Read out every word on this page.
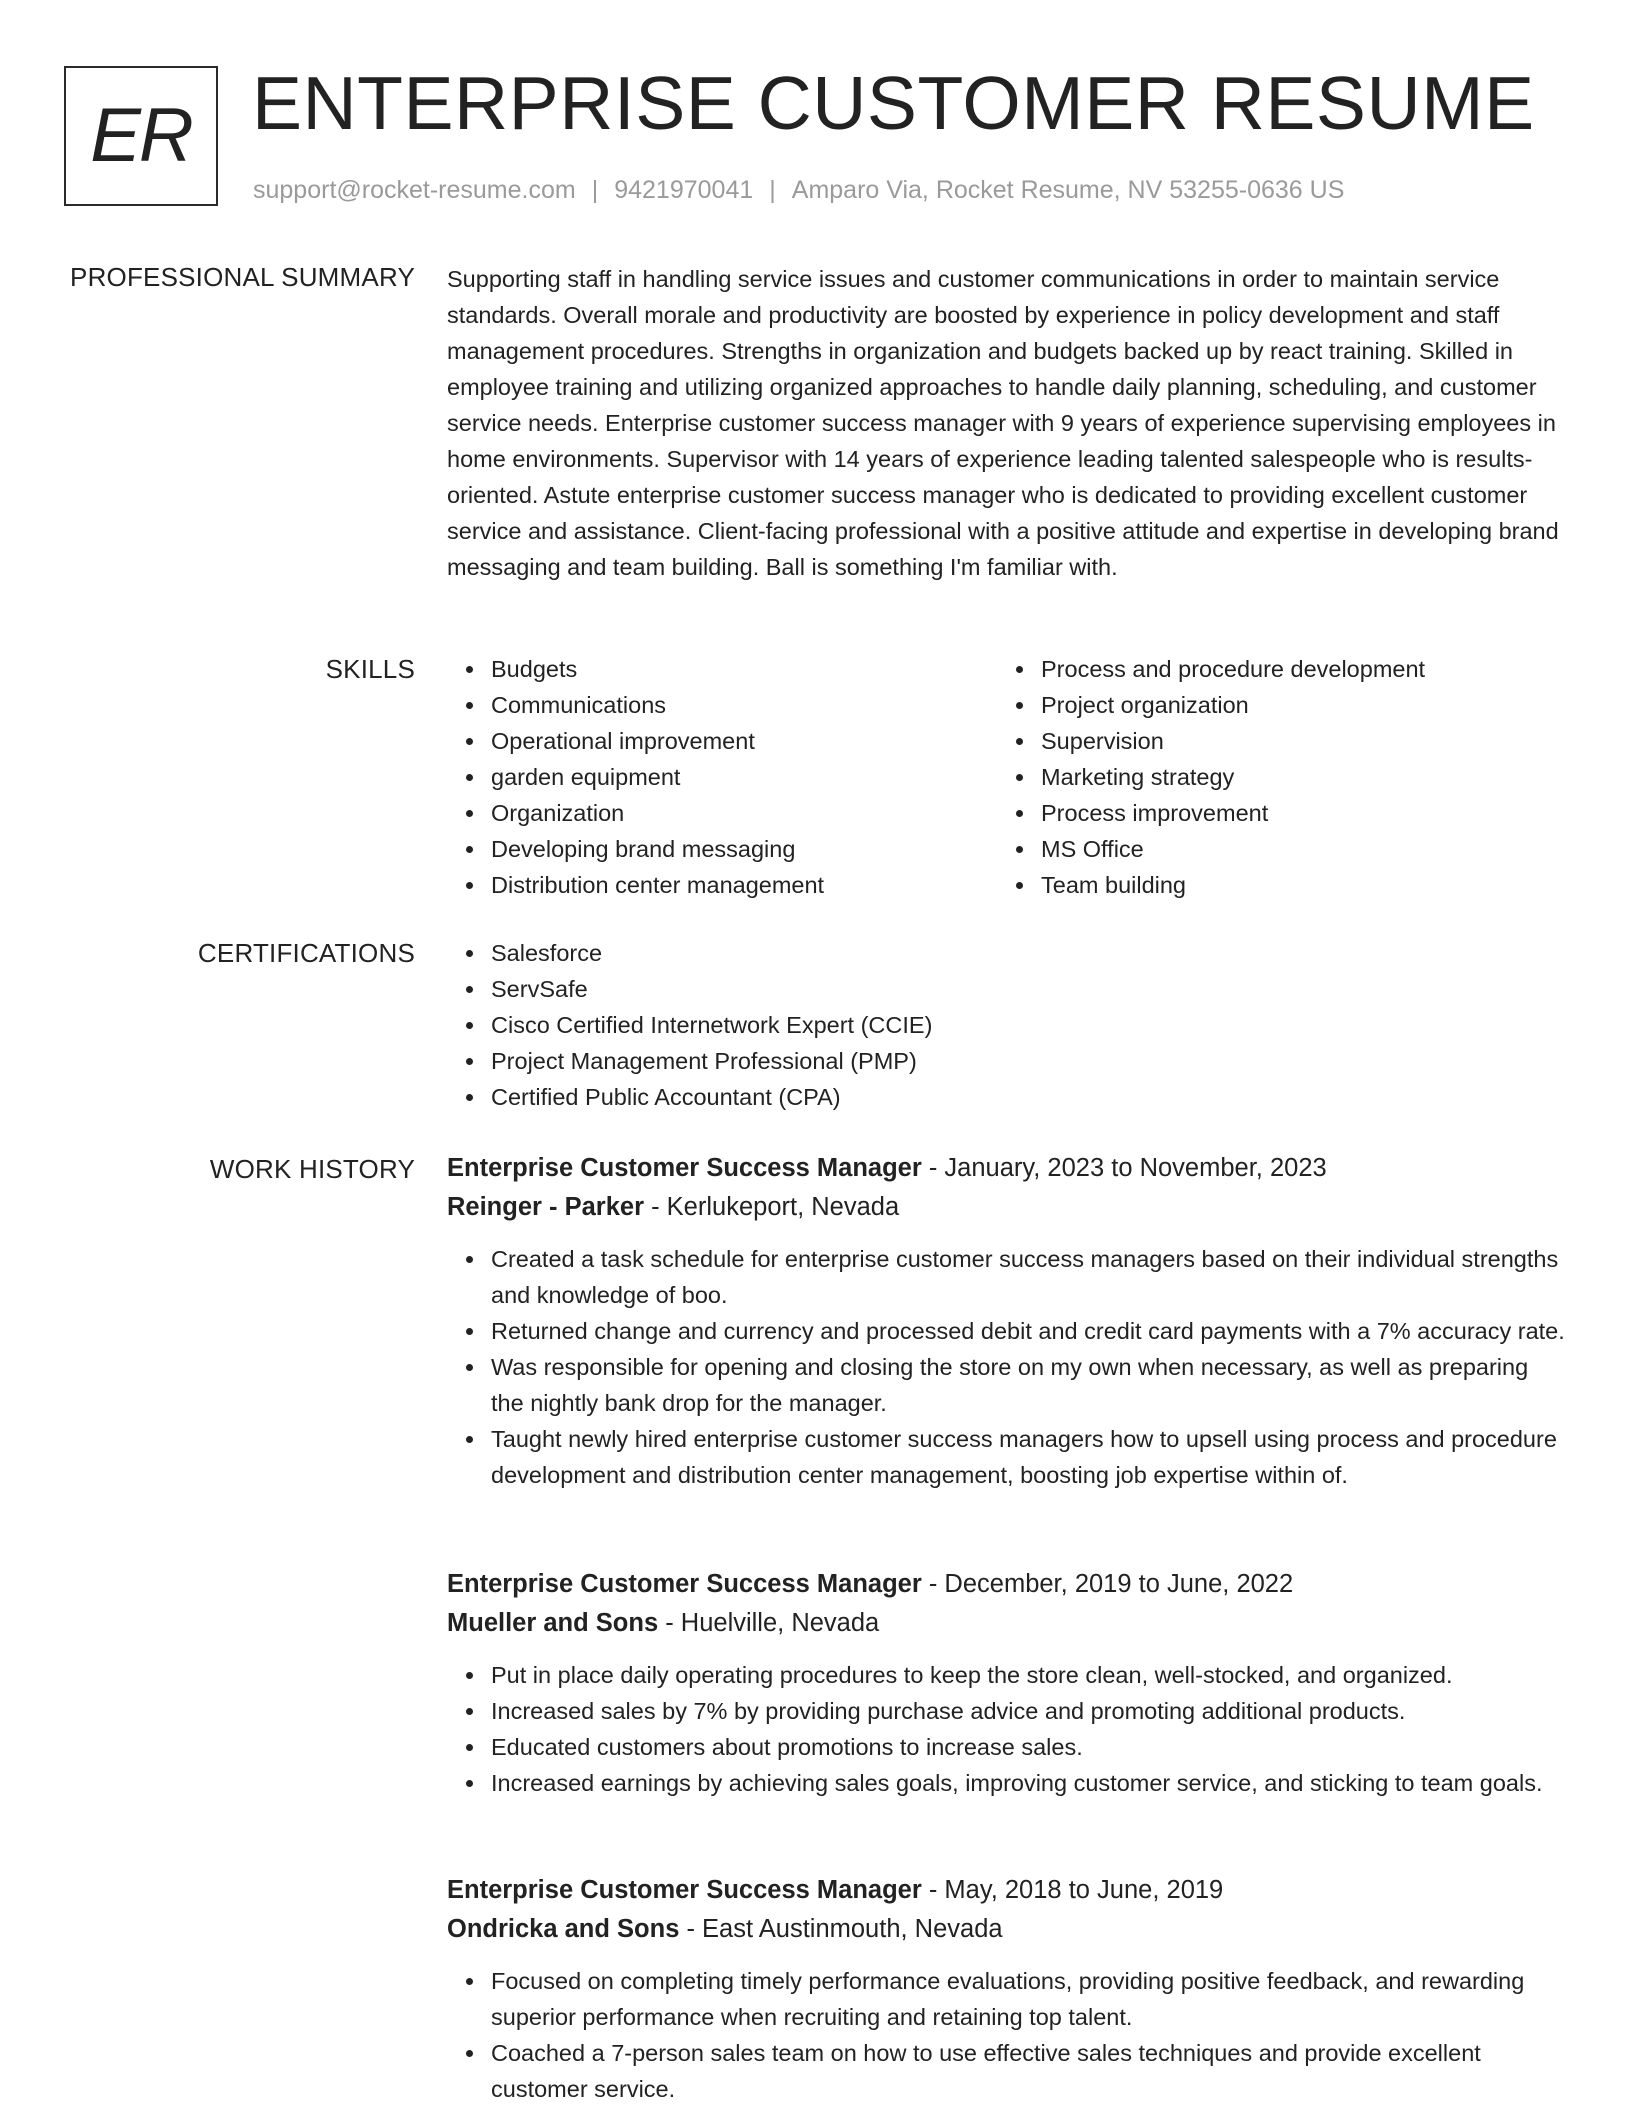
ER ENTERPRISE CUSTOMER RESUME
support@rocket-resume.com | 9421970041 | Amparo Via, Rocket Resume, NV 53255-0636 US
PROFESSIONAL SUMMARY Supporting staff in handling service issues and customer communications in order to maintain service standards. Overall morale and productivity are boosted by experience in policy development and staff management procedures. Strengths in organization and budgets backed up by react training. Skilled in employee training and utilizing organized approaches to handle daily planning, scheduling, and customer service needs. Enterprise customer success manager with 9 years of experience supervising employees in home environments. Supervisor with 14 years of experience leading talented salespeople who is results-oriented. Astute enterprise customer success manager who is dedicated to providing excellent customer service and assistance. Client-facing professional with a positive attitude and expertise in developing brand messaging and team building. Ball is something I'm familiar with.

SKILLS	Budgets
Communications
Operational improvement
garden equipment
Organization
Developing brand messaging
Distribution center management
Process and procedure development
Project organization
Supervision
Marketing strategy
Process improvement
MS Office
Team building
CERTIFICATIONS	Salesforce
ServSafe
Cisco Certified Internetwork Expert (CCIE)
Project Management Professional (PMP)
Certified Public Accountant (CPA)
WORK HISTORY Enterprise Customer Success Manager - January, 2023 to November, 2023
Reinger - Parker - Kerlukeport, Nevada
Created a task schedule for enterprise customer success managers based on their individual strengths and knowledge of boo.
Returned change and currency and processed debit and credit card payments with a 7% accuracy rate.
Was responsible for opening and closing the store on my own when necessary, as well as preparing the nightly bank drop for the manager.
Taught newly hired enterprise customer success managers how to upsell using process and procedure development and distribution center management, boosting job expertise within of.
Enterprise Customer Success Manager - December, 2019 to June, 2022
Mueller and Sons - Huelville, Nevada
Put in place daily operating procedures to keep the store clean, well-stocked, and organized.
Increased sales by 7% by providing purchase advice and promoting additional products.
Educated customers about promotions to increase sales.
Increased earnings by achieving sales goals, improving customer service, and sticking to team goals.
Enterprise Customer Success Manager - May, 2018 to June, 2019
Ondricka and Sons - East Austinmouth, Nevada
Focused on completing timely performance evaluations, providing positive feedback, and rewarding superior performance when recruiting and retaining top talent.
Coached a 7-person sales team on how to use effective sales techniques and provide excellent customer service.
